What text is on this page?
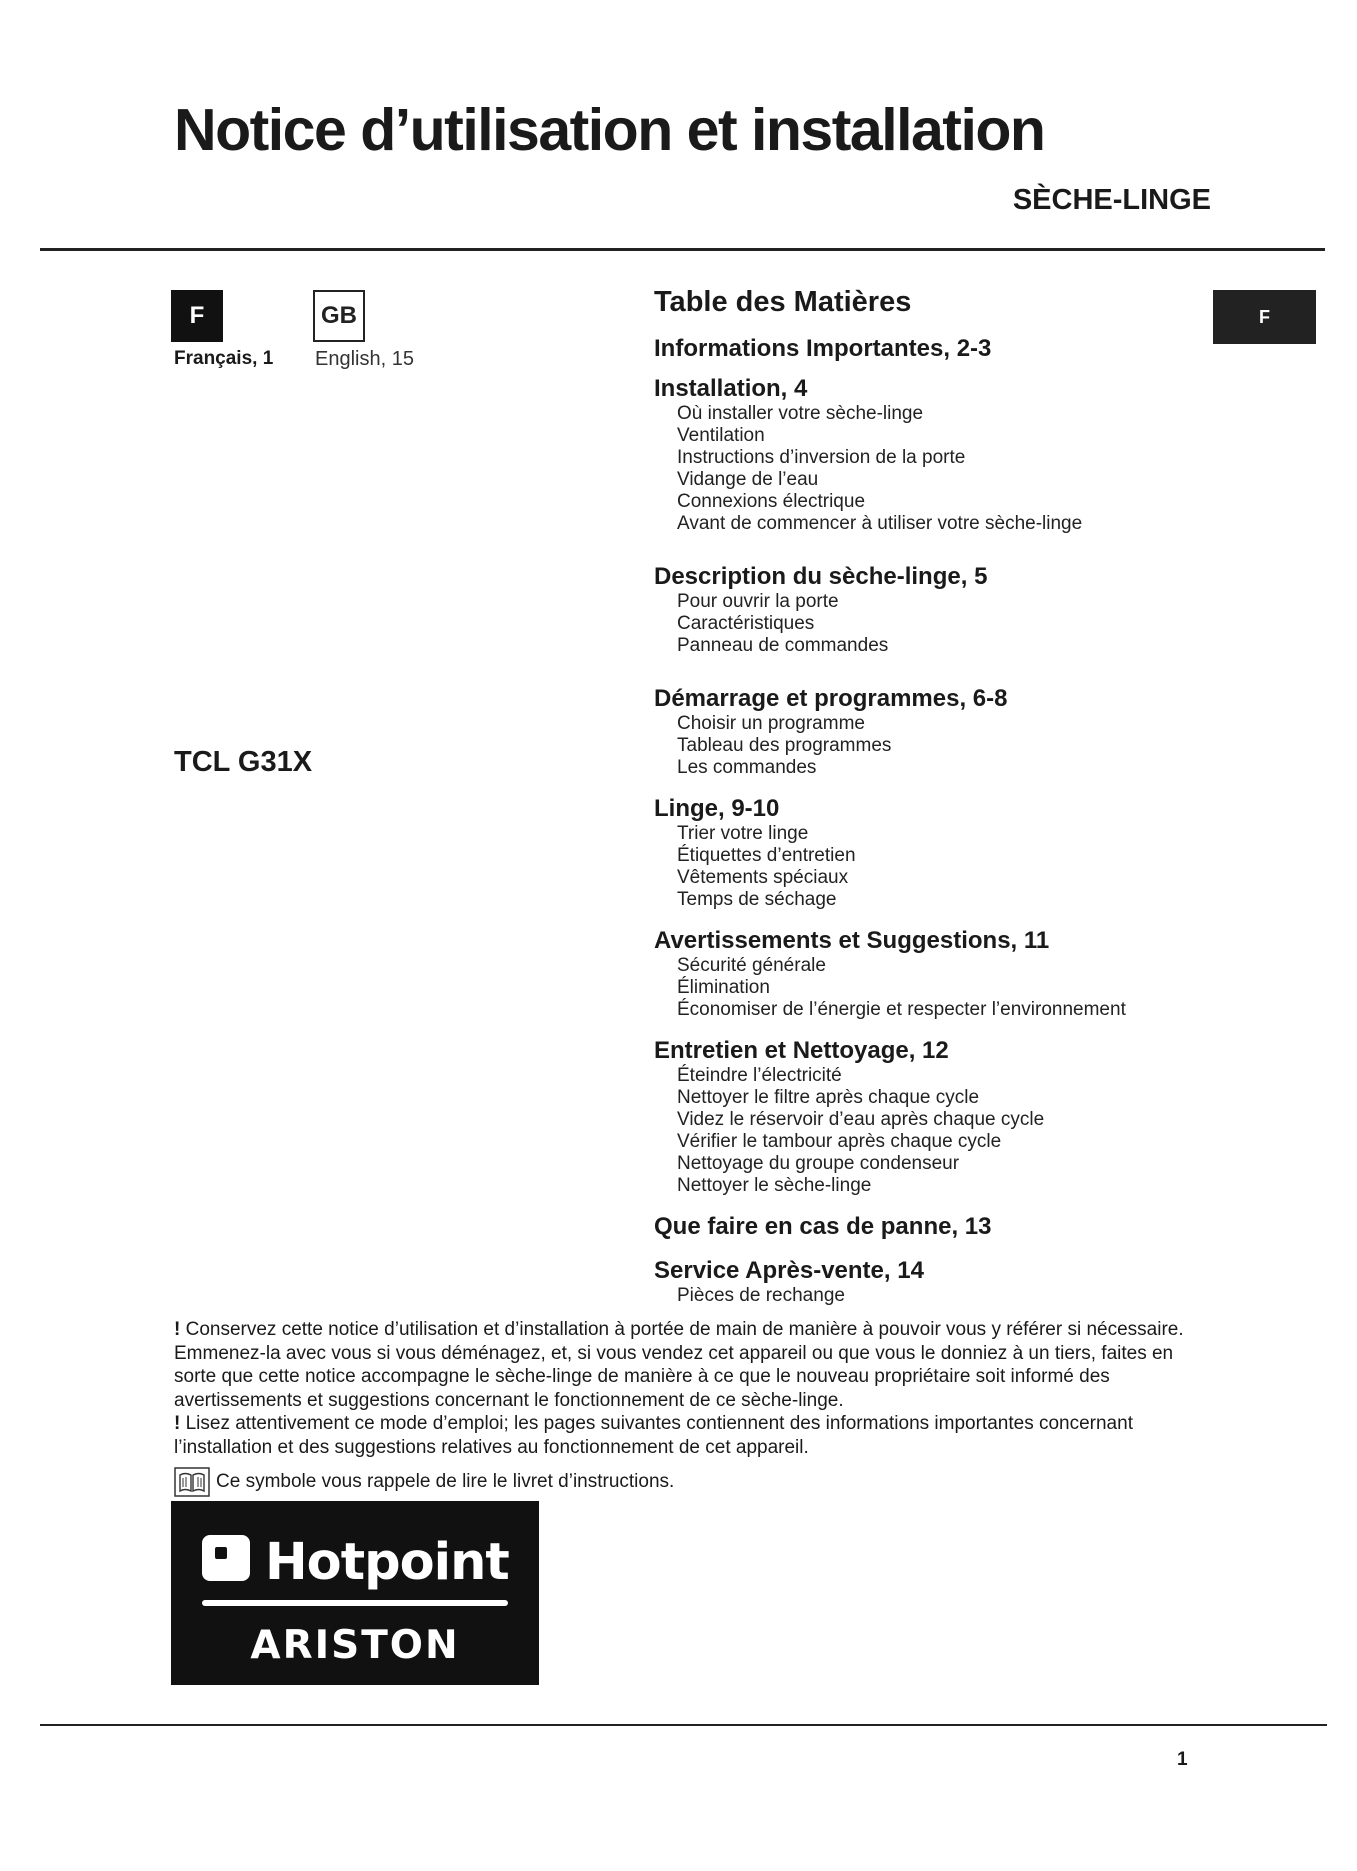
Notice d’utilisation et installation
SÈCHE-LINGE
F	GB
Français, 1 English, 15
TCL G31X
F
Table des Matières
Informations Importantes, 2-3
Installation, 4
Où installer votre sèche-linge
Ventilation
Instructions d’inversion de la porte
Vidange de l’eau
Connexions électrique
Avant de commencer à utiliser votre sèche-linge
Description du sèche-linge, 5
Pour ouvrir la porte
Caractéristiques
Panneau de commandes
Démarrage et programmes, 6-8
Choisir un programme
Tableau des programmes
Les commandes
Linge, 9-10
Trier votre linge
Étiquettes d’entretien
Vêtements spéciaux
Temps de séchage
Avertissements et Suggestions, 11
Sécurité générale
Élimination
Économiser de l’énergie et respecter l’environnement
Entretien et Nettoyage, 12
Éteindre l’électricité
Nettoyer le filtre après chaque cycle
Videz le réservoir d’eau après chaque cycle
Vérifier le tambour après chaque cycle
Nettoyage du groupe condenseur
Nettoyer le sèche-linge
Que faire en cas de panne, 13
Service Après-vente, 14
Pièces de rechange
! Conservez cette notice d’utilisation et d’installation à portée de main de manière à pouvoir vous y référer si nécessaire. Emmenez-la avec vous si vous déménagez, et, si vous vendez cet appareil ou que vous le donniez à un tiers, faites en sorte que cette notice accompagne le sèche-linge de manière à ce que le nouveau propriétaire soit informé des avertissements et suggestions concernant le fonctionnement de ce sèche-linge.
! Lisez attentivement ce mode d’emploi; les pages suivantes contiennent des informations importantes concernant l’installation et des suggestions relatives au fonctionnement de cet appareil.
Ce symbole vous rappele de lire le livret d’instructions.
Hotpoint
ARISTON
1
